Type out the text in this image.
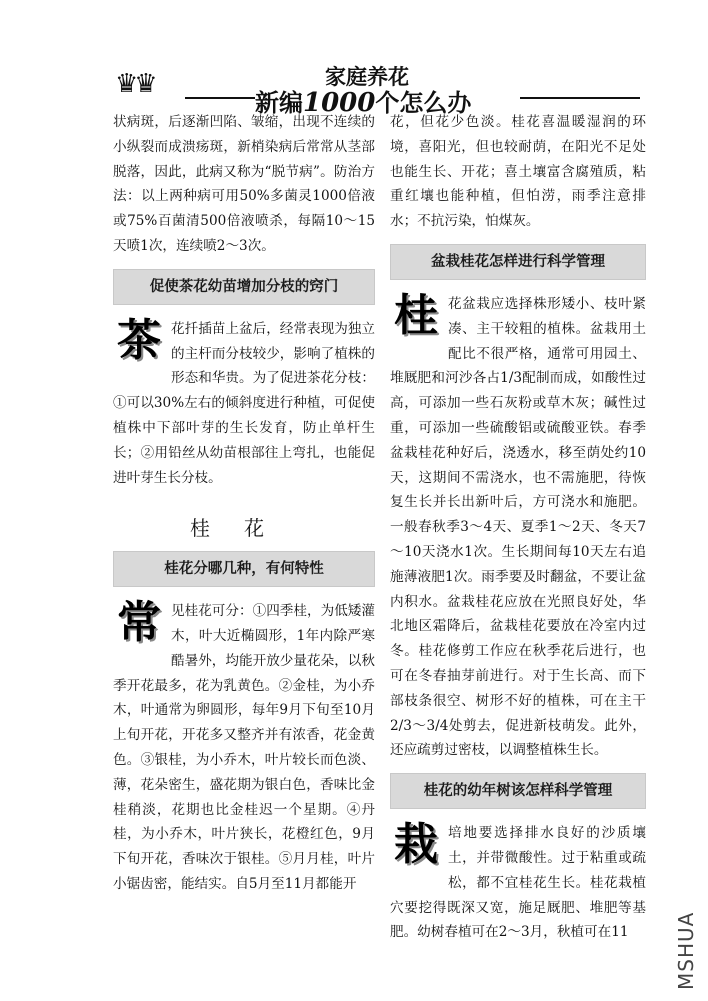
♛♛	家庭养花
新编1000个怎么办

状病斑，后逐渐凹陷、皱缩，出现不连续的小纵裂而成溃疡斑，新梢染病后常常从茎部脱落，因此，此病又称为“脱节病”。防治方法：以上两种病可用50%多菌灵1000倍液或75%百菌清500倍液喷杀，每隔10～15天喷1次，连续喷2～3次。

促使茶花幼苗增加分枝的窍门
茶 花扦插苗上盆后，经常表现为独立的主杆而分枝较少，影响了植株的形态和华贵。为了促进茶花分枝：①可以30%左右的倾斜度进行种植，可促使植株中下部叶芽的生长发育，防止单杆生长；②用铅丝从幼苗根部往上弯扎，也能促进叶芽生长分枝。

桂花
桂花分哪几种，有何特性
常 见桂花可分：①四季桂，为低矮灌木，叶大近椭圆形，1年内除严寒酷暑外，均能开放少量花朵，以秋季开花最多，花为乳黄色。②金桂，为小乔木，叶通常为卵圆形，每年9月下旬至10月上旬开花，开花多又整齐并有浓香，花金黄色。③银桂，为小乔木，叶片较长而色淡、薄，花朵密生，盛花期为银白色，香味比金桂稍淡，花期也比金桂迟一个星期。④丹桂，为小乔木，叶片狭长，花橙红色，9月下旬开花，香味次于银桂。⑤月月桂，叶片小锯齿密，能结实。自5月至11月都能开

花，但花少色淡。桂花喜温暖湿润的环境，喜阳光，但也较耐荫，在阳光不足处也能生长、开花；喜土壤富含腐殖质，粘重红壤也能种植，但怕涝，雨季注意排水；不抗污染，怕煤灰。

盆栽桂花怎样进行科学管理
桂 花盆栽应选择株形矮小、枝叶紧凑、主干较粗的植株。盆栽用土配比不很严格，通常可用园土、堆厩肥和河沙各占1/3配制而成，如酸性过高，可添加一些石灰粉或草木灰；碱性过重，可添加一些硫酸铝或硫酸亚铁。春季盆栽桂花种好后，浇透水，移至荫处约10天，这期间不需浇水，也不需施肥，待恢复生长并长出新叶后，方可浇水和施肥。一般春秋季3～4天、夏季1～2天、冬天7～10天浇水1次。生长期间每10天左右追施薄液肥1次。雨季要及时翻盆，不要让盆内积水。盆栽桂花应放在光照良好处，华北地区霜降后，盆栽桂花要放在冷室内过冬。桂花修剪工作应在秋季花后进行，也可在冬春抽芽前进行。对于生长高、而下部枝条很空、树形不好的植株，可在主干2/3～3/4处剪去，促进新枝萌发。此外，还应疏剪过密枝，以调整植株生长。

桂花的幼年树该怎样科学管理
栽 培地要选择排水良好的沙质壤土，并带微酸性。过于粘重或疏松，都不宜桂花生长。桂花栽植穴要挖得既深又宽，施足厩肥、堆肥等基肥。幼树春植可在2～3月，秋植可在11	MSHUA
